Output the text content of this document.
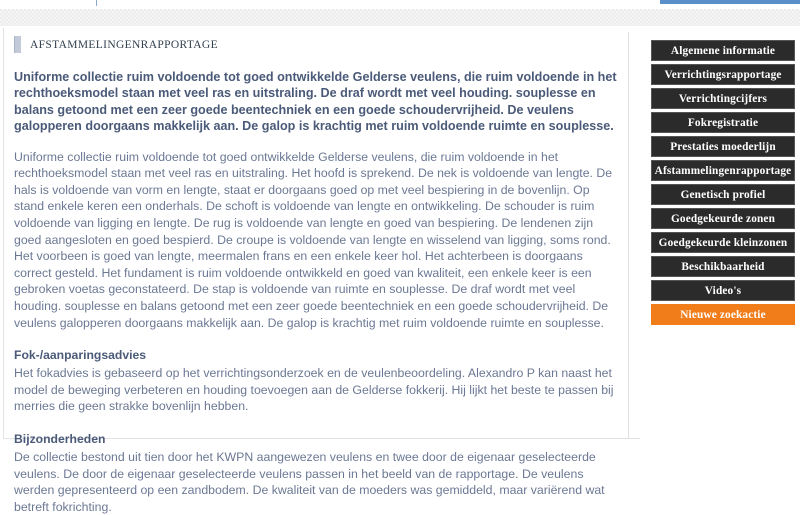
AFSTAMMELINGENRAPPORTAGE
Uniforme collectie ruim voldoende tot goed ontwikkelde Gelderse veulens, die ruim voldoende in het rechthoeksmodel staan met veel ras en uitstraling. De draf wordt met veel houding. souplesse en balans getoond met een zeer goede beentechniek en een goede schoudervrijheid. De veulens galopperen doorgaans makkelijk aan. De galop is krachtig met ruim voldoende ruimte en souplesse.
Uniforme collectie ruim voldoende tot goed ontwikkelde Gelderse veulens, die ruim voldoende in het rechthoeksmodel staan met veel ras en uitstraling. Het hoofd is sprekend. De nek is voldoende van lengte. De hals is voldoende van vorm en lengte, staat er doorgaans goed op met veel bespiering in de bovenlijn. Op stand enkele keren een onderhals. De schoft is voldoende van lengte en ontwikkeling. De schouder is ruim voldoende van ligging en lengte. De rug is voldoende van lengte en goed van bespiering. De lendenen zijn goed aangesloten en goed bespierd. De croupe is voldoende van lengte en wisselend van ligging, soms rond. Het voorbeen is goed van lengte, meermalen frans en een enkele keer hol. Het achterbeen is doorgaans correct gesteld. Het fundament is ruim voldoende ontwikkeld en goed van kwaliteit, een enkele keer is een gebroken voetas geconstateerd. De stap is voldoende van ruimte en souplesse. De draf wordt met veel houding. souplesse en balans getoond met een zeer goede beentechniek en een goede schoudervrijheid. De veulens galopperen doorgaans makkelijk aan. De galop is krachtig met ruim voldoende ruimte en souplesse.
Fok-/aanparingsadvies
Het fokadvies is gebaseerd op het verrichtingsonderzoek en de veulenbeoordeling. Alexandro P kan naast het model de beweging verbeteren en houding toevoegen aan de Gelderse fokkerij. Hij lijkt het beste te passen bij merries die geen strakke bovenlijn hebben.
Bijzonderheden
De collectie bestond uit tien door het KWPN aangewezen veulens en twee door de eigenaar geselecteerde veulens. De door de eigenaar geselecteerde veulens passen in het beeld van de rapportage. De veulens werden gepresenteerd op een zandbodem. De kwaliteit van de moeders was gemiddeld, maar variërend wat betreft fokrichting.
Algemene informatie
Verrichtingsrapportage
Verrichtingcijfers
Fokregistratie
Prestaties moederlijn
Afstammelingenrapportage
Genetisch profiel
Goedgekeurde zonen
Goedgekeurde kleinzonen
Beschikbaarheid
Video's
Nieuwe zoekactie
